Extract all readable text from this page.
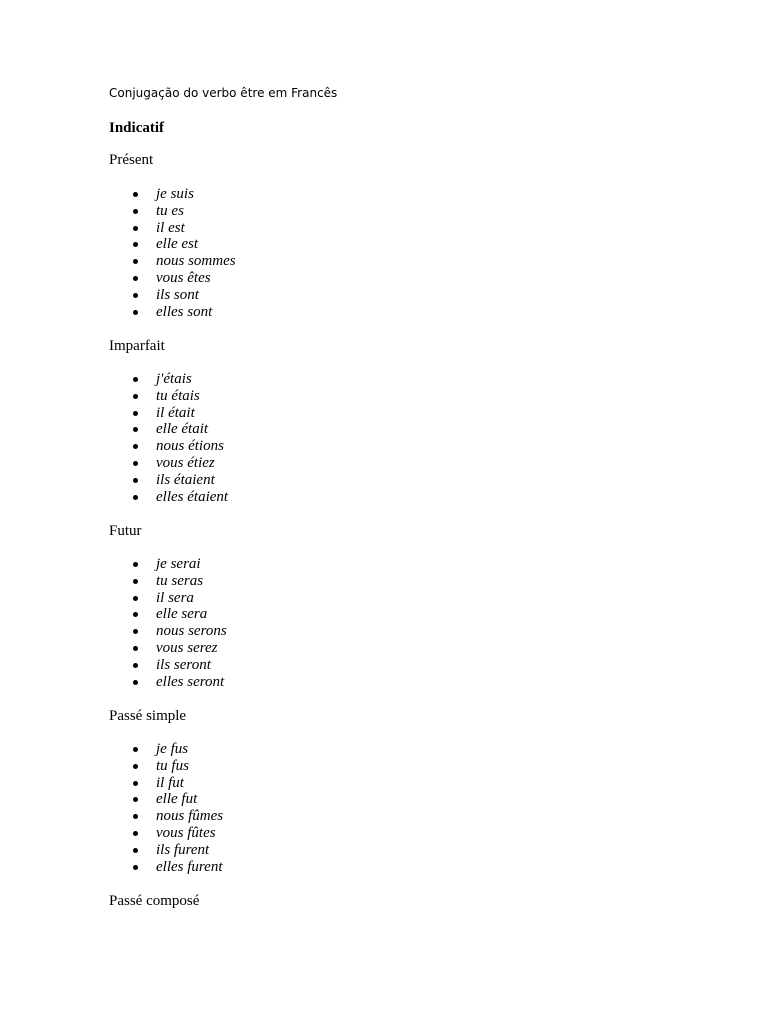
Conjugação do verbo être em Francês
Indicatif
Présent
je suis
tu es
il est
elle est
nous sommes
vous êtes
ils sont
elles sont
Imparfait
j'étais
tu étais
il était
elle était
nous étions
vous étiez
ils étaient
elles étaient
Futur
je serai
tu seras
il sera
elle sera
nous serons
vous serez
ils seront
elles seront
Passé simple
je fus
tu fus
il fut
elle fut
nous fûmes
vous fûtes
ils furent
elles furent
Passé composé
